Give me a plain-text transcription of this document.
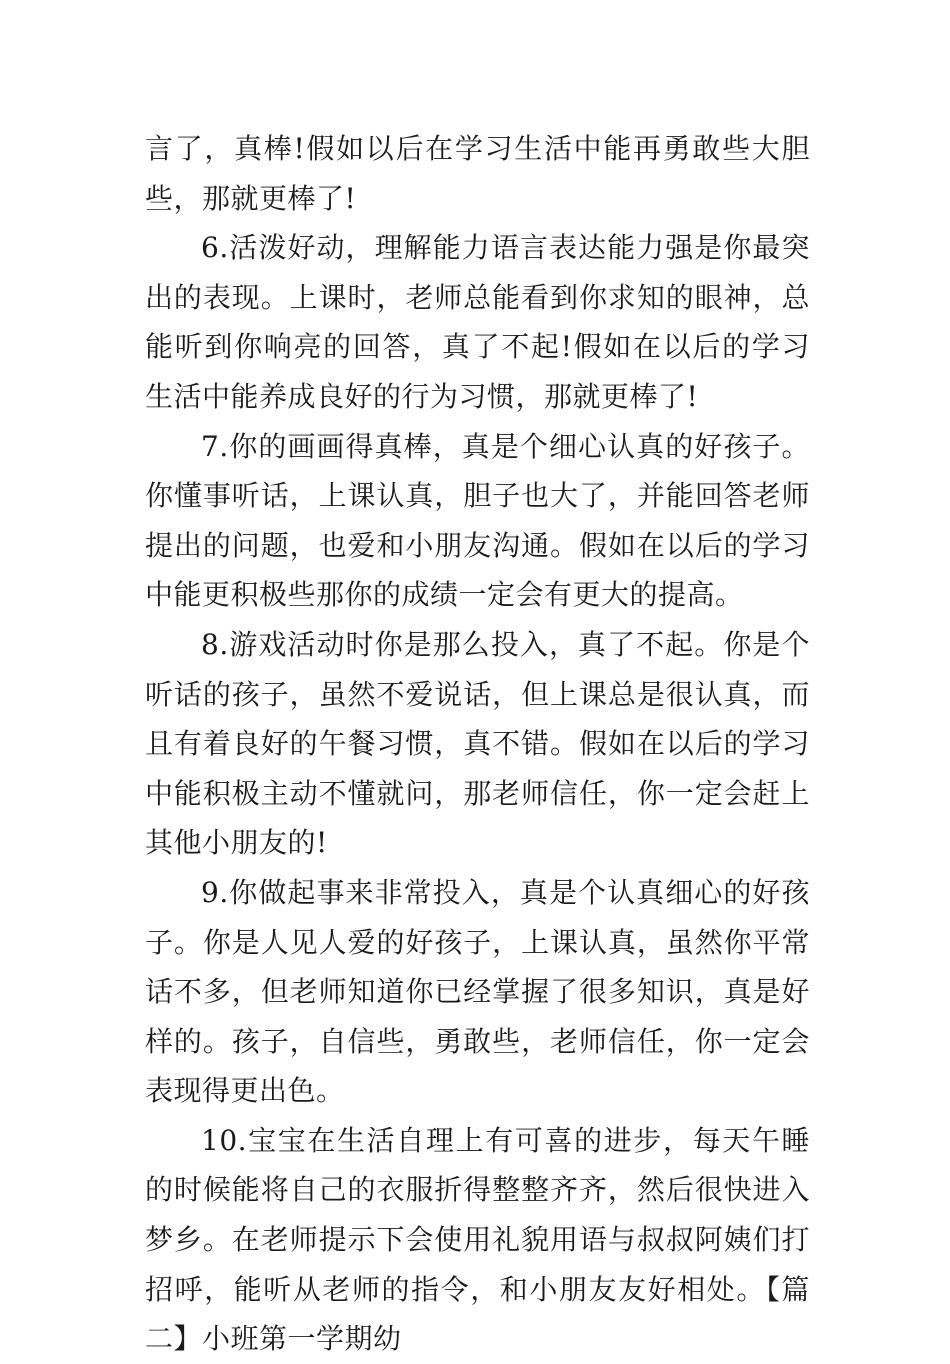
言了，真棒!假如以后在学习生活中能再勇敢些大胆些，那就更棒了!

6.活泼好动，理解能力语言表达能力强是你最突出的表现。上课时，老师总能看到你求知的眼神，总能听到你响亮的回答，真了不起!假如在以后的学习生活中能养成良好的行为习惯，那就更棒了!

7.你的画画得真棒，真是个细心认真的好孩子。你懂事听话，上课认真，胆子也大了，并能回答老师提出的问题，也爱和小朋友沟通。假如在以后的学习中能更积极些那你的成绩一定会有更大的提高。

8.游戏活动时你是那么投入，真了不起。你是个听话的孩子，虽然不爱说话，但上课总是很认真，而且有着良好的午餐习惯，真不错。假如在以后的学习中能积极主动不懂就问，那老师信任，你一定会赶上其他小朋友的!

9.你做起事来非常投入，真是个认真细心的好孩子。你是人见人爱的好孩子，上课认真，虽然你平常话不多，但老师知道你已经掌握了很多知识，真是好样的。孩子，自信些，勇敢些，老师信任，你一定会表现得更出色。

10.宝宝在生活自理上有可喜的进步，每天午睡的时候能将自己的衣服折得整整齐齐，然后很快进入梦乡。在老师提示下会使用礼貌用语与叔叔阿姨们打招呼，能听从老师的指令，和小朋友友好相处。【篇二】小班第一学期幼
